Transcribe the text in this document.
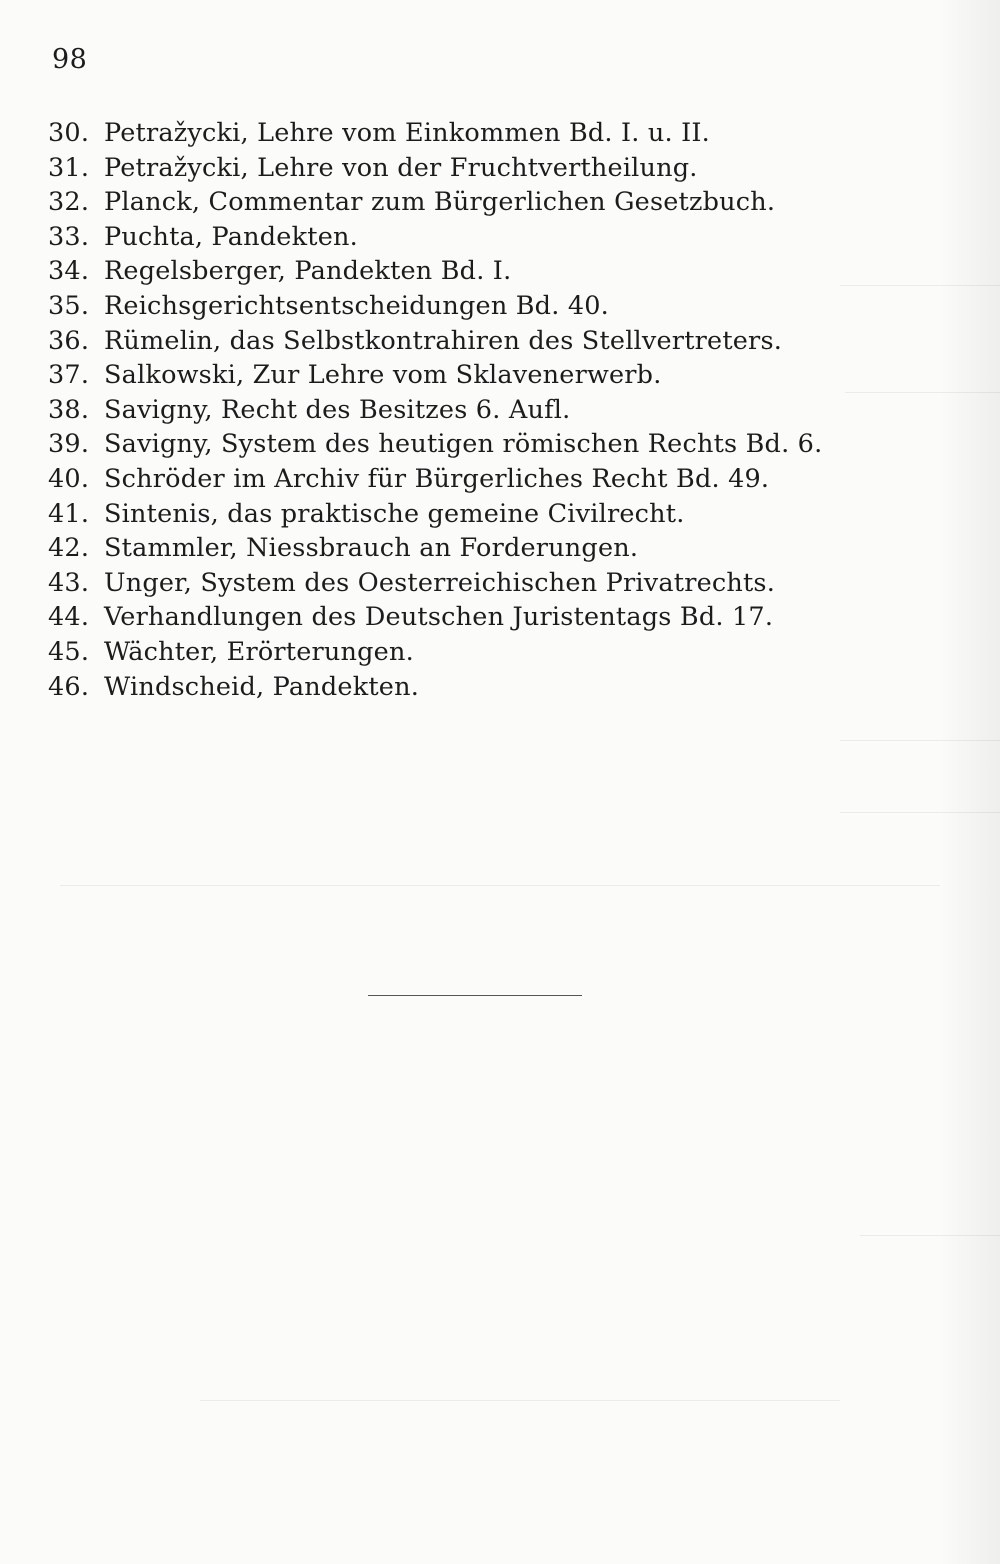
98
30. Petražycki, Lehre vom Einkommen Bd. I. u. II.
31. Petražycki, Lehre von der Fruchtvertheilung.
32. Planck, Commentar zum Bürgerlichen Gesetzbuch.
33. Puchta, Pandekten.
34. Regelsberger, Pandekten Bd. I.
35. Reichsgerichtsentscheidungen Bd. 40.
36. Rümelin, das Selbstkontrahiren des Stellvertreters.
37. Salkowski, Zur Lehre vom Sklavenerwerb.
38. Savigny, Recht des Besitzes 6. Aufl.
39. Savigny, System des heutigen römischen Rechts Bd. 6.
40. Schröder im Archiv für Bürgerliches Recht Bd. 49.
41. Sintenis, das praktische gemeine Civilrecht.
42. Stammler, Niessbrauch an Forderungen.
43. Unger, System des Oesterreichischen Privatrechts.
44. Verhandlungen des Deutschen Juristentags Bd. 17.
45. Wächter, Erörterungen.
46. Windscheid, Pandekten.
